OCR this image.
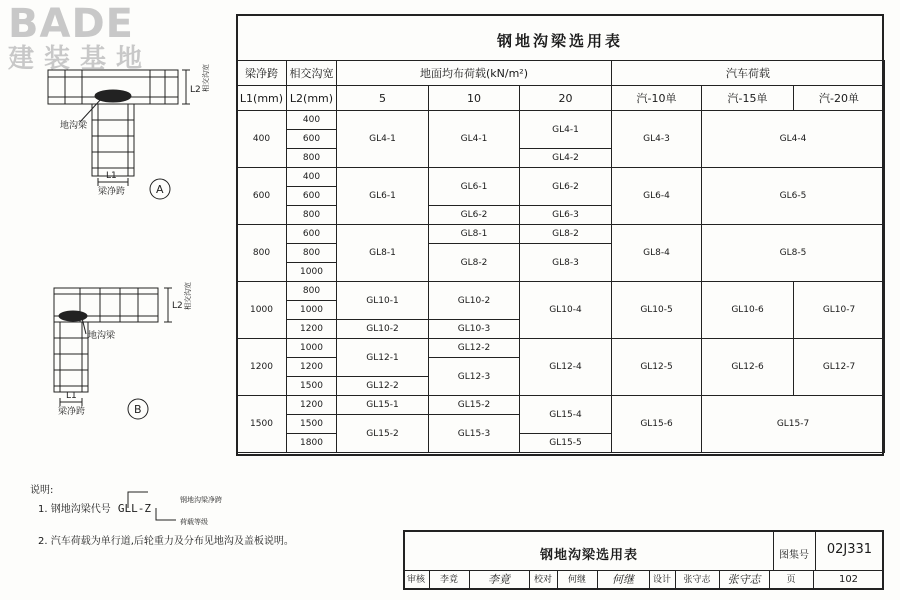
BADE
建装基地
L2 相交沟宽
地沟梁
L1
梁净跨	A
L2 相交沟宽
地沟梁
L1
梁净跨	B
钢地沟梁选用表
梁净跨	相交沟宽	地面均布荷载(kN/m²)			汽车荷载		
L1(mm)	L2(mm)	5	10	20	汽-10单	汽-15单	汽-20单
400	400	GL4-1	GL4-1	GL4-1	GL4-3	GL4-4	
	600						
	800			GL4-2			
600	400	GL6-1	GL6-1	GL6-2	GL6-4	GL6-5	
	600						
	800		GL6-2	GL6-3			
800	600	GL8-1	GL8-1	GL8-2	GL8-4	GL8-5	
	800		GL8-2	GL8-3			
	1000						
1000	800	GL10-1	GL10-2	GL10-4	GL10-5	GL10-6	GL10-7
	1000						
	1200	GL10-2	GL10-3				
1200	1000	GL12-1	GL12-2	GL12-4	GL12-5	GL12-6	GL12-7
	1200		GL12-3				
	1500	GL12-2					
1500	1200	GL15-1	GL15-2	GL15-4	GL15-6	GL15-7	
	1500	GL15-2	GL15-3				
	1800			GL15-5			
说明:
1. 钢地沟梁代号 GLL-Z
钢地沟梁净跨
荷载等级
2. 汽车荷载为单行道,后轮重力及分布见地沟及盖板说明。
钢地沟梁选用表	图集号	02J331
审核	李竟	李竟	校对	何继	何继	设计	张守志	张守志	页	102
